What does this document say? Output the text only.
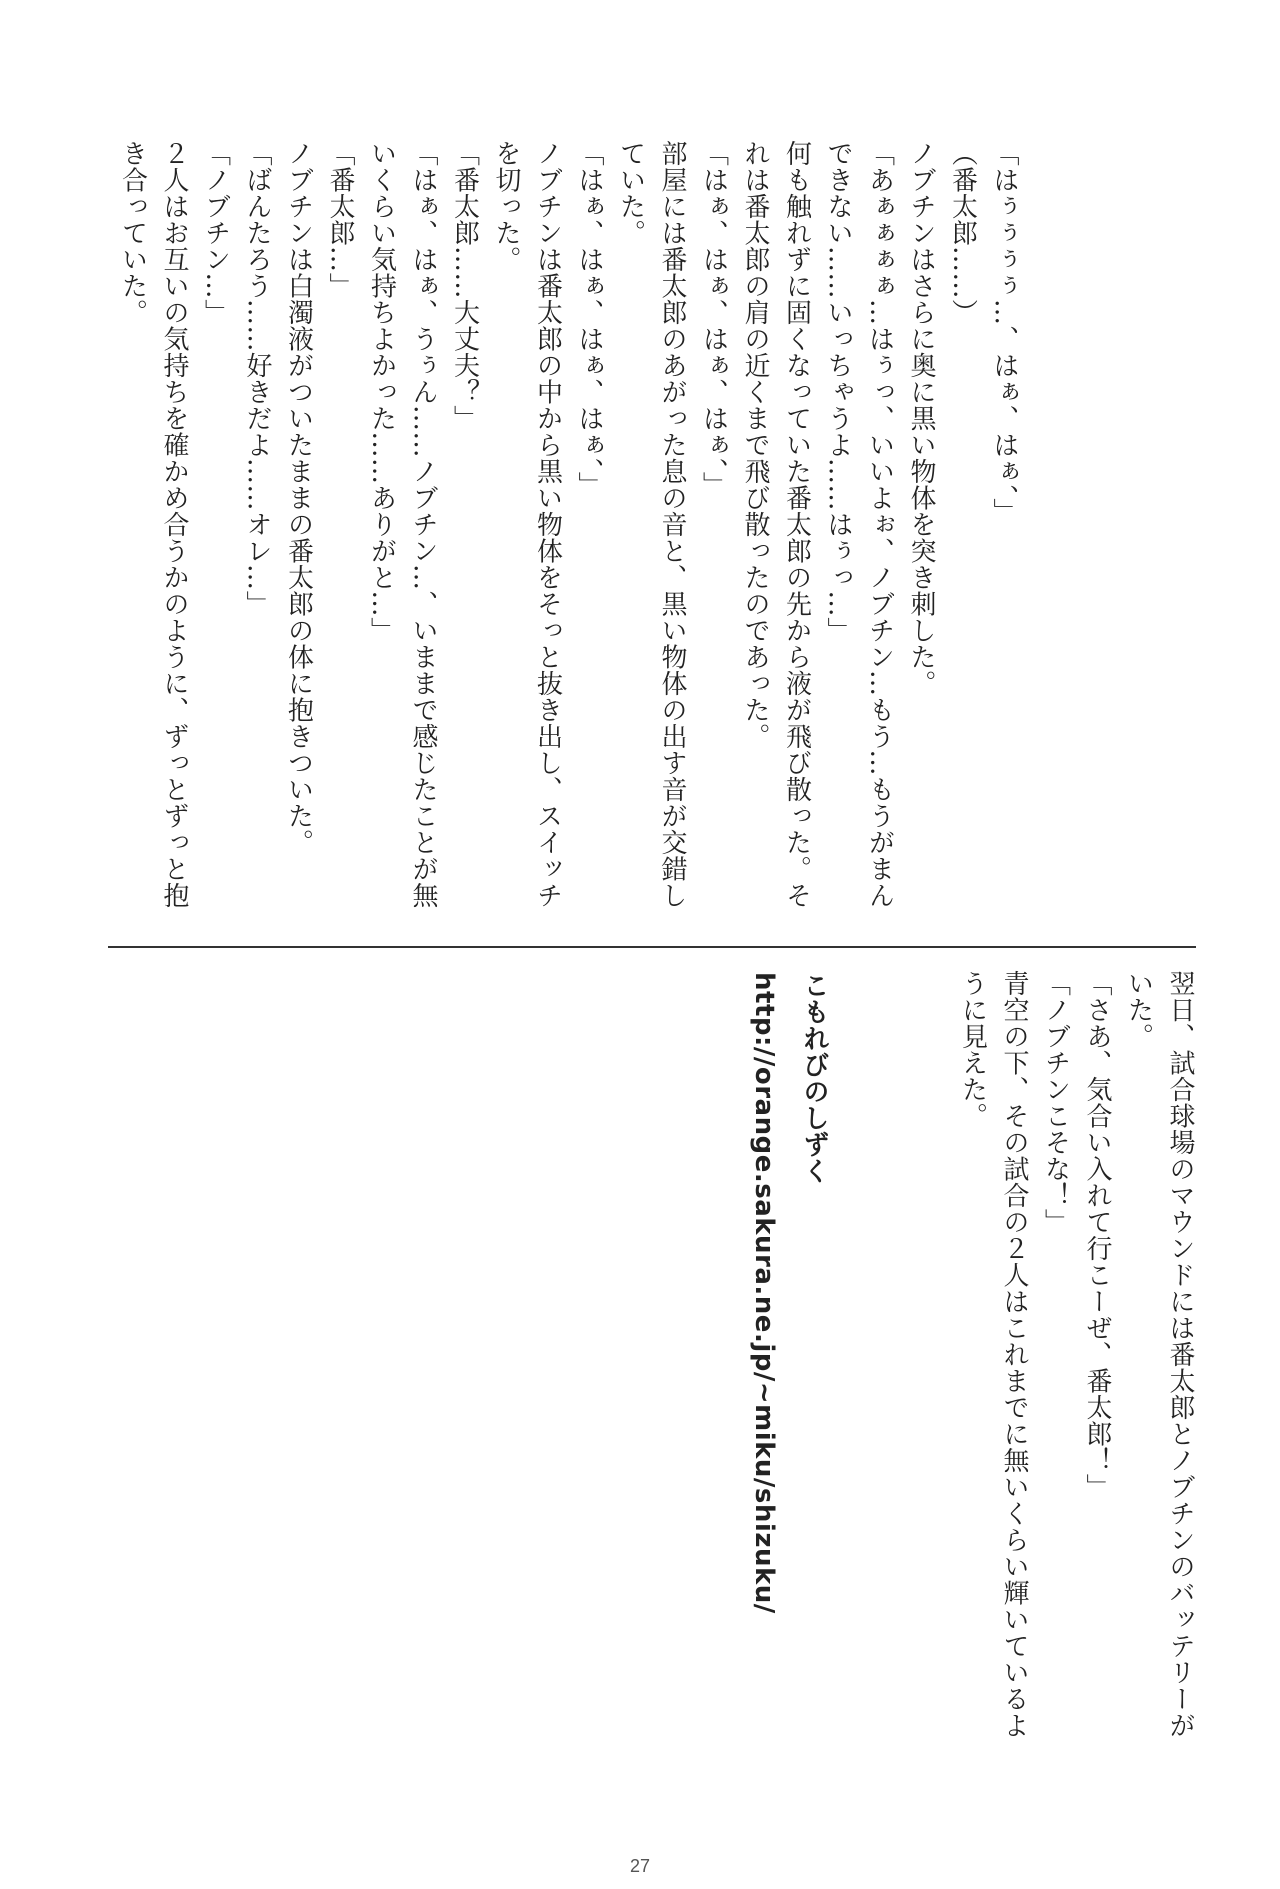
「はぅぅぅぅ…、はぁ、はぁ、」

（番太郎……）

ノブチンはさらに奥に黒い物体を突き刺した。

「あぁぁぁぁ…はぅっ、いいよぉ、ノブチン…もう…もうがまんできない……いっちゃうよ……はぅっ…」

何も触れずに固くなっていた番太郎の先から液が飛び散った。それは番太郎の肩の近くまで飛び散ったのであった。

「はぁ、はぁ、はぁ、はぁ、」

部屋には番太郎のあがった息の音と、黒い物体の出す音が交錯していた。

「はぁ、はぁ、はぁ、はぁ、」

ノブチンは番太郎の中から黒い物体をそっと抜き出し、スイッチを切った。

「番太郎……大丈夫？」

「はぁ、はぁ、うぅん……ノブチン…、いままで感じたことが無いくらい気持ちよかった……ありがと…」

「番太郎…」

ノブチンは白濁液がついたままの番太郎の体に抱きついた。

「ばんたろう……好きだよ……オレ…」

「ノブチン…」

２人はお互いの気持ちを確かめ合うかのように、ずっとずっと抱き合っていた。

翌日、試合球場のマウンドには番太郎とノブチンのバッテリーがいた。

「さあ、気合い入れて行こーぜ、番太郎！」

「ノブチンこそな！」

青空の下、その試合の２人はこれまでに無いくらい輝いているように見えた。

こもれびのしずく

http://orange.sakura.ne.jp/~miku/shizuku/

27
